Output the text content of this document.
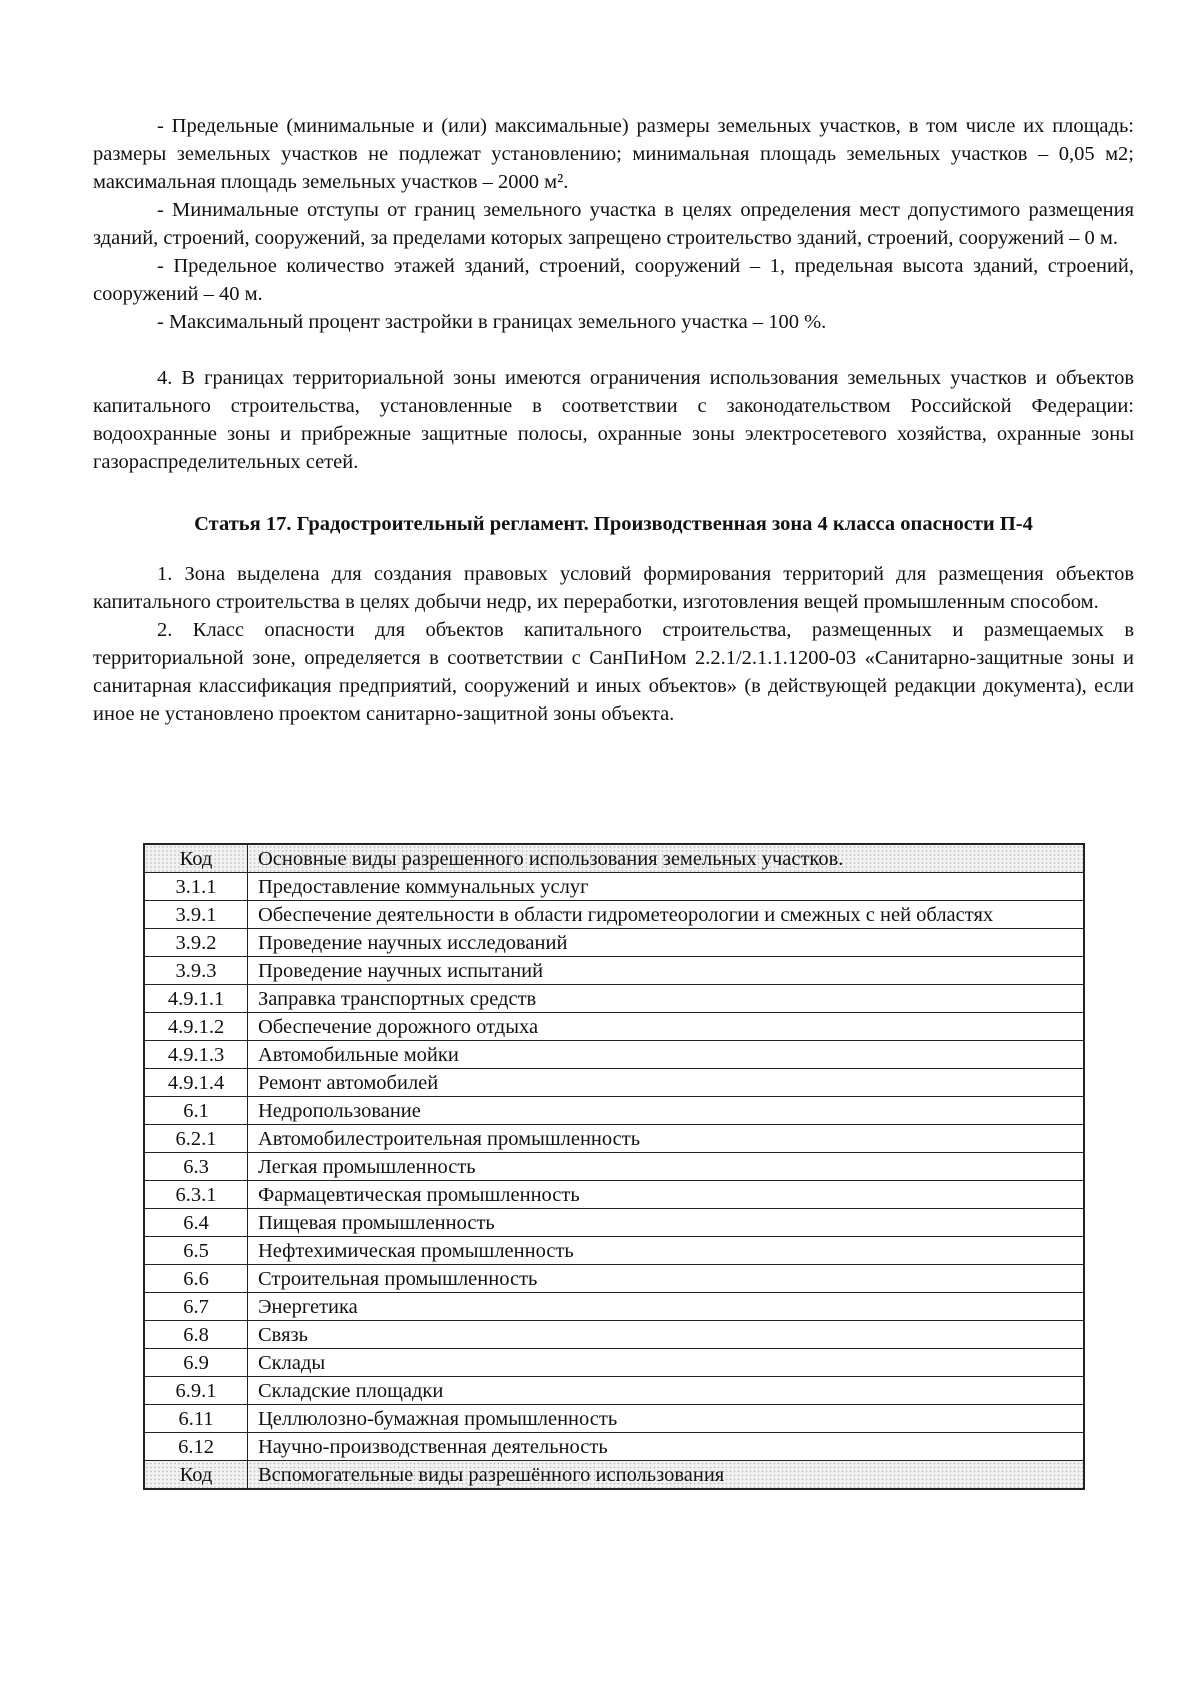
- Предельные (минимальные и (или) максимальные) размеры земельных участков, в том числе их площадь: размеры земельных участков не подлежат установлению; минимальная площадь земельных участков – 0,05 м2; максимальная площадь земельных участков – 2000 м².

- Минимальные отступы от границ земельного участка в целях определения мест допустимого размещения зданий, строений, сооружений, за пределами которых запрещено строительство зданий, строений, сооружений – 0 м.

- Предельное количество этажей зданий, строений, сооружений – 1, предельная высота зданий, строений, сооружений – 40 м.

- Максимальный процент застройки в границах земельного участка – 100 %.

4. В границах территориальной зоны имеются ограничения использования земельных участков и объектов капитального строительства, установленные в соответствии с законодательством Российской Федерации: водоохранные зоны и прибрежные защитные полосы, охранные зоны электросетевого хозяйства, охранные зоны газораспределительных сетей.

Статья 17. Градостроительный регламент. Производственная зона 4 класса опасности П-4

1. Зона выделена для создания правовых условий формирования территорий для размещения объектов капитального строительства в целях добычи недр, их переработки, изготовления вещей промышленным способом.

2. Класс опасности для объектов капитального строительства, размещенных и размещаемых в территориальной зоне, определяется в соответствии с СанПиНом 2.2.1/2.1.1.1200-03 «Санитарно-защитные зоны и санитарная классификация предприятий, сооружений и иных объектов» (в действующей редакции документа), если иное не установлено проектом санитарно-защитной зоны объекта.

Код	Основные виды разрешенного использования земельных участков.
3.1.1	Предоставление коммунальных услуг
3.9.1	Обеспечение деятельности в области гидрометеорологии и смежных с ней областях
3.9.2	Проведение научных исследований
3.9.3	Проведение научных испытаний
4.9.1.1	Заправка транспортных средств
4.9.1.2	Обеспечение дорожного отдыха
4.9.1.3	Автомобильные мойки
4.9.1.4	Ремонт автомобилей
6.1	Недропользование
6.2.1	Автомобилестроительная промышленность
6.3	Легкая промышленность
6.3.1	Фармацевтическая промышленность
6.4	Пищевая промышленность
6.5	Нефтехимическая промышленность
6.6	Строительная промышленность
6.7	Энергетика
6.8	Связь
6.9	Склады
6.9.1	Складские площадки
6.11	Целлюлозно-бумажная промышленность
6.12	Научно-производственная деятельность
Код	Вспомогательные виды разрешённого использования
